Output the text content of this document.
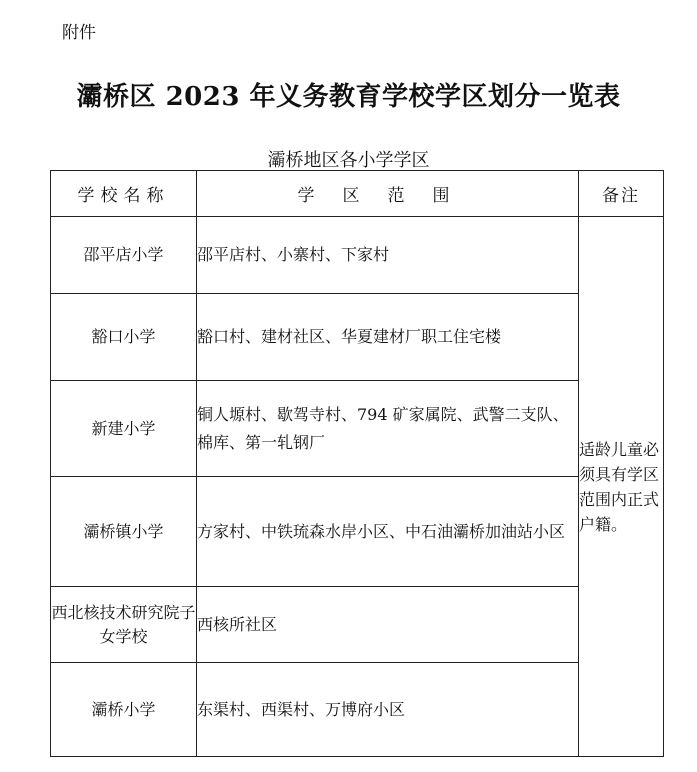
附件
灞桥区 2023 年义务教育学校学区划分一览表
灞桥地区各小学学区
学校名称	学区范围	备注
邵平店小学	邵平店村、小寨村、下家村	适龄儿童必须具有学区范围内正式户籍。
豁口小学	豁口村、建材社区、华夏建材厂职工住宅楼	
新建小学	铜人塬村、歇驾寺村、794 矿家属院、武警二支队、棉库、第一轧钢厂	
灞桥镇小学	方家村、中铁琉森水岸小区、中石油灞桥加油站小区	
西北核技术研究院子女学校	西核所社区	
灞桥小学	东渠村、西渠村、万博府小区	
